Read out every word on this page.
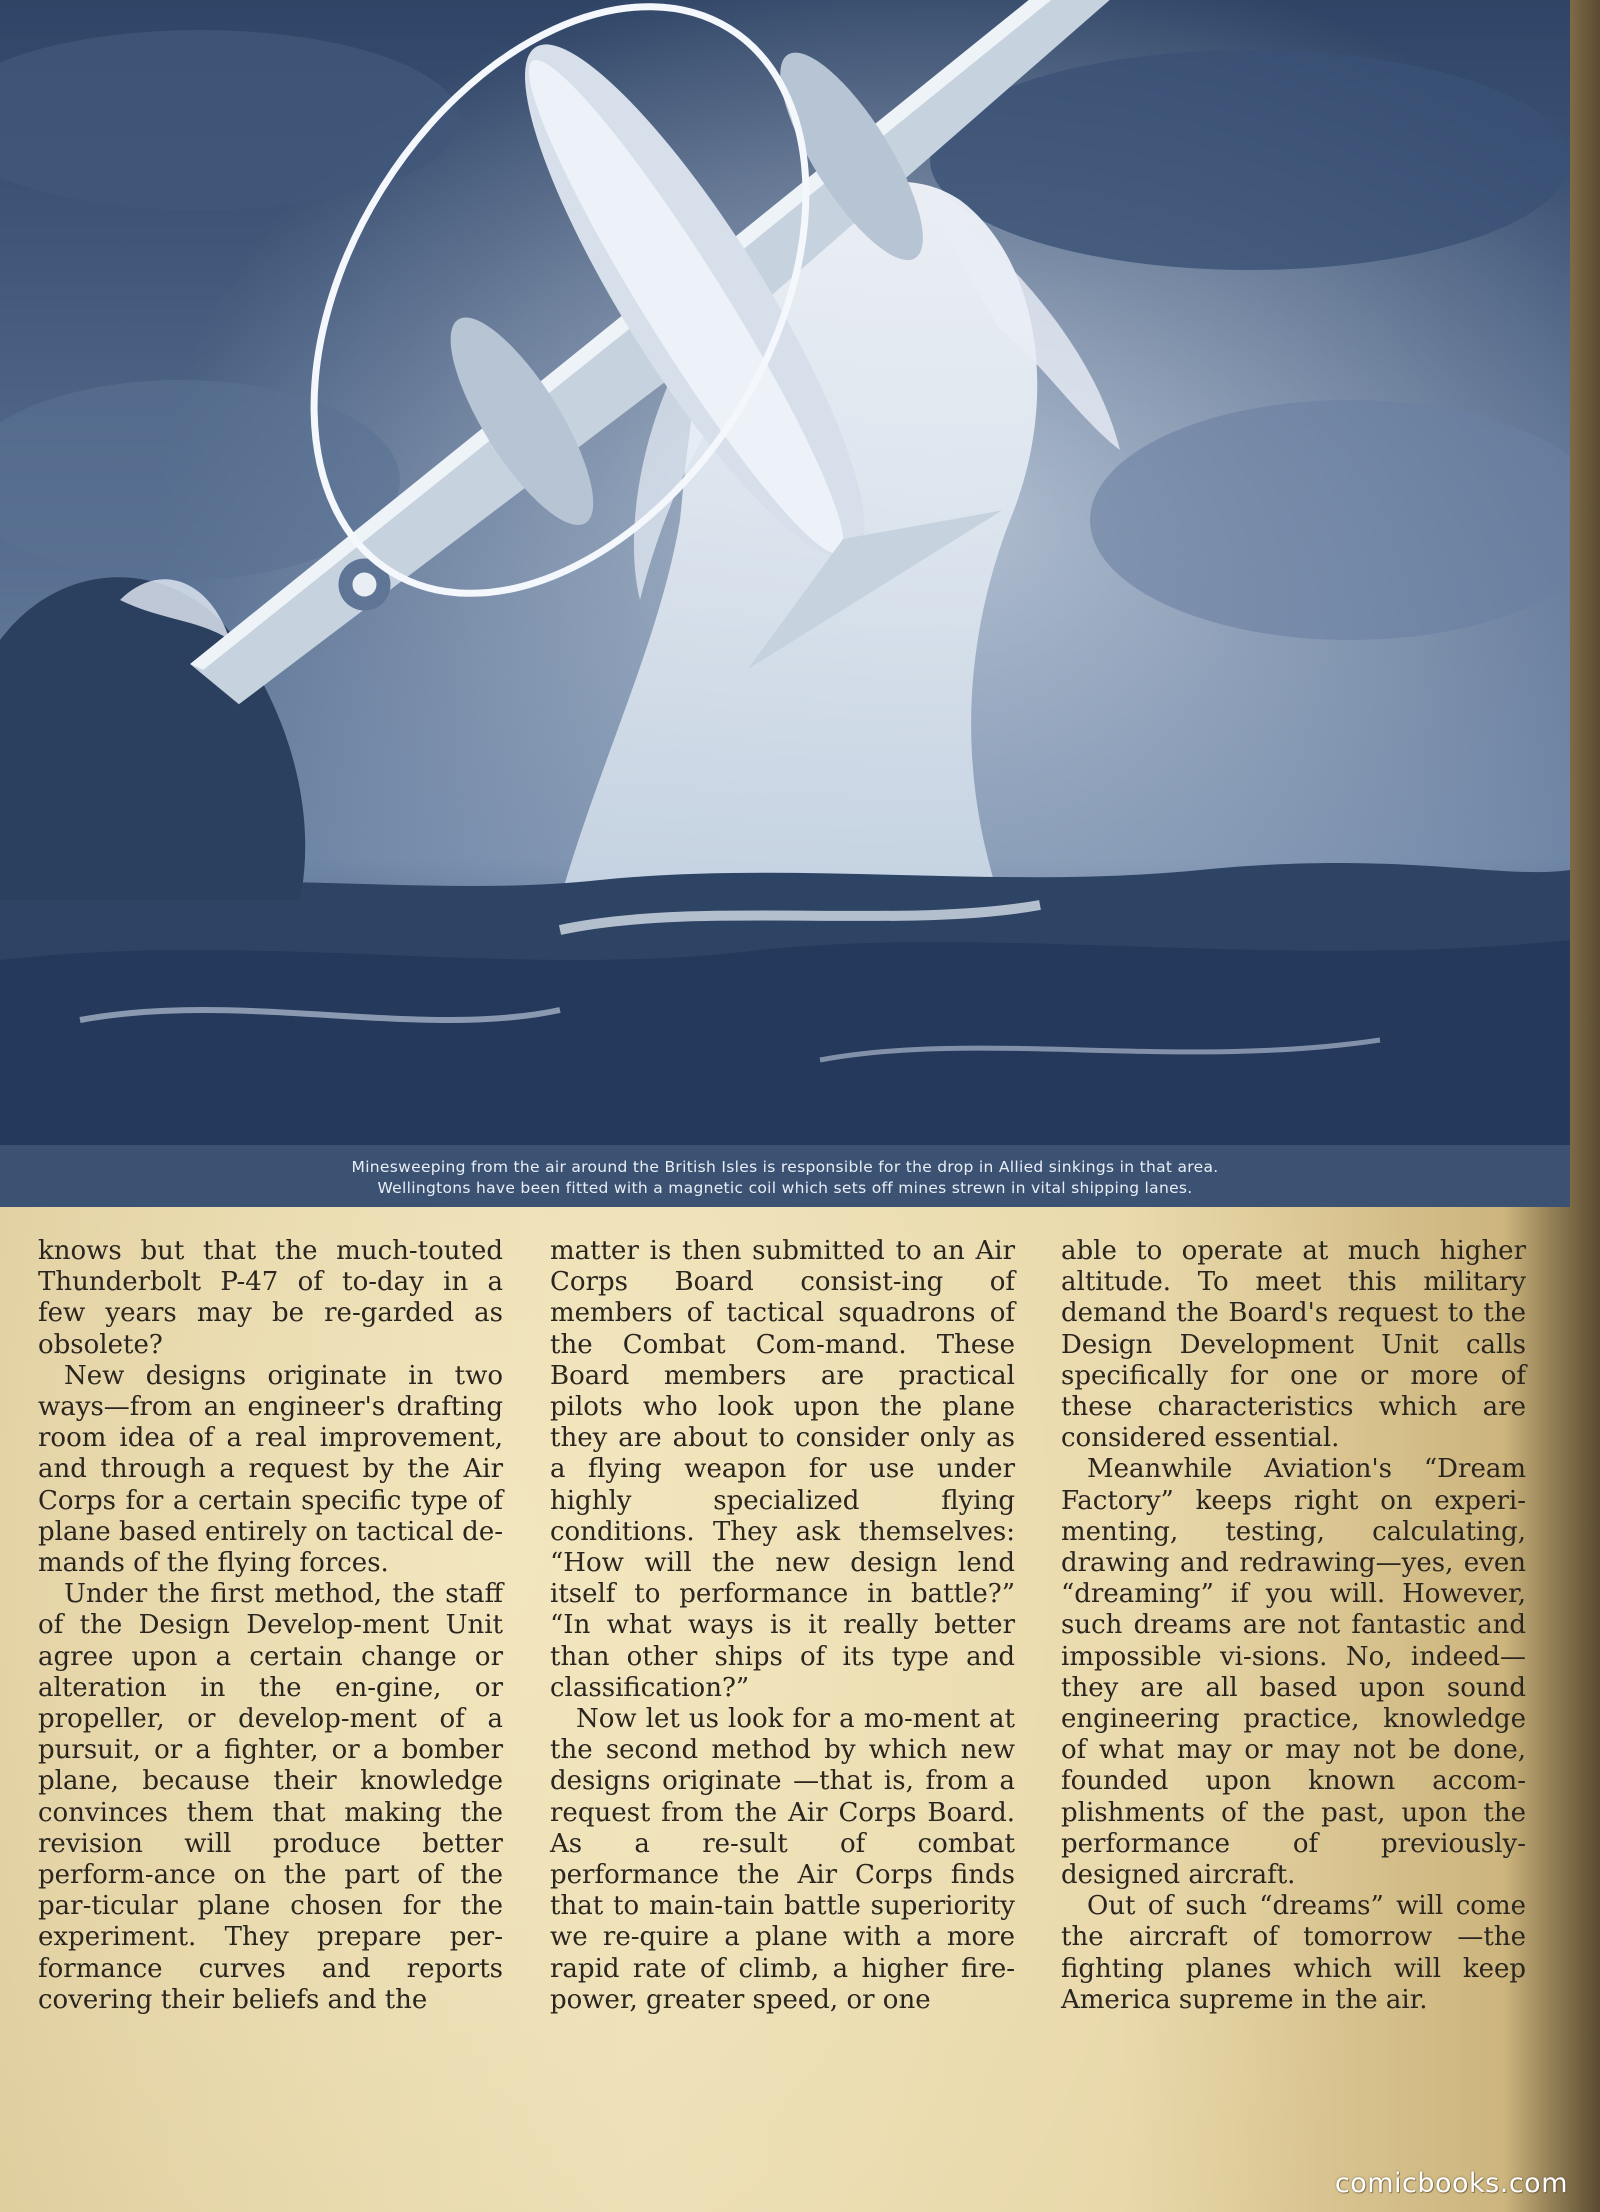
Minesweeping from the air around the British Isles is responsible for the drop in Allied sinkings in that area.
Wellingtons have been fitted with a magnetic coil which sets off mines strewn in vital shipping lanes.

knows but that the much-touted Thunderbolt P-47 of to-day in a few years may be re-garded as obsolete?

New designs originate in two ways—from an engineer's drafting room idea of a real improvement, and through a request by the Air Corps for a certain specific type of plane based entirely on tactical de-mands of the flying forces.

Under the first method, the staff of the Design Develop-ment Unit agree upon a certain change or alteration in the en-gine, or propeller, or develop-ment of a pursuit, or a fighter, or a bomber plane, because their knowledge convinces them that making the revision will produce better perform-ance on the part of the par-ticular plane chosen for the experiment. They prepare per-formance curves and reports covering their beliefs and the

matter is then submitted to an Air Corps Board consist-ing of members of tactical squadrons of the Combat Com-mand. These Board members are practical pilots who look upon the plane they are about to consider only as a flying weapon for use under highly specialized flying conditions. They ask themselves: “How will the new design lend itself to performance in battle?” “In what ways is it really better than other ships of its type and classification?”

Now let us look for a mo-ment at the second method by which new designs originate —that is, from a request from the Air Corps Board. As a re-sult of combat performance the Air Corps finds that to main-tain battle superiority we re-quire a plane with a more rapid rate of climb, a higher fire-power, greater speed, or one

able to operate at much higher altitude. To meet this military demand the Board's request to the Design Development Unit calls specifically for one or more of these characteristics which are considered essential.

Meanwhile Aviation's “Dream Factory” keeps right on experi-menting, testing, calculating, drawing and redrawing—yes, even “dreaming” if you will. However, such dreams are not fantastic and impossible vi-sions. No, indeed—they are all based upon sound engineering practice, knowledge of what may or may not be done, founded upon known accom-plishments of the past, upon the performance of previously-designed aircraft.

Out of such “dreams” will come the aircraft of tomorrow —the fighting planes which will keep America supreme in the air.

comicbooks.com
